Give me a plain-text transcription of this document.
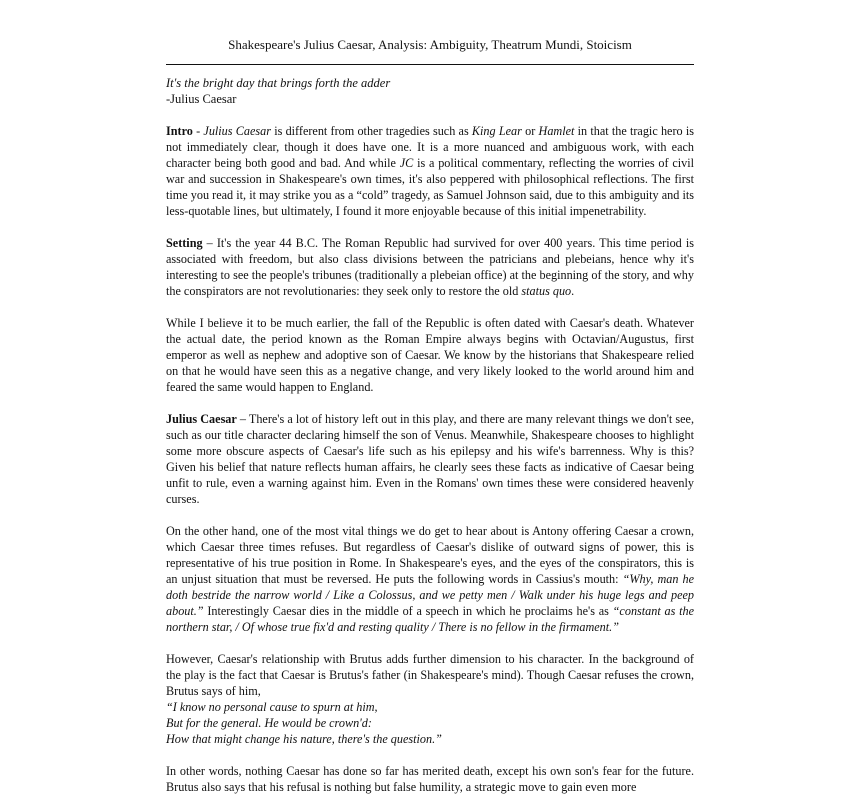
Shakespeare's Julius Caesar, Analysis: Ambiguity, Theatrum Mundi, Stoicism
It's the bright day that brings forth the adder
-Julius Caesar

Intro - Julius Caesar is different from other tragedies such as King Lear or Hamlet in that the tragic hero is not immediately clear, though it does have one. It is a more nuanced and ambiguous work, with each character being both good and bad. And while JC is a political commentary, reflecting the worries of civil war and succession in Shakespeare's own times, it's also peppered with philosophical reflections. The first time you read it, it may strike you as a “cold” tragedy, as Samuel Johnson said, due to this ambiguity and its less-quotable lines, but ultimately, I found it more enjoyable because of this initial impenetrability.

Setting – It's the year 44 B.C. The Roman Republic had survived for over 400 years. This time period is associated with freedom, but also class divisions between the patricians and plebeians, hence why it's interesting to see the people's tribunes (traditionally a plebeian office) at the beginning of the story, and why the conspirators are not revolutionaries: they seek only to restore the old status quo.

While I believe it to be much earlier, the fall of the Republic is often dated with Caesar's death. Whatever the actual date, the period known as the Roman Empire always begins with Octavian/Augustus, first emperor as well as nephew and adoptive son of Caesar. We know by the historians that Shakespeare relied on that he would have seen this as a negative change, and very likely looked to the world around him and feared the same would happen to England.

Julius Caesar – There's a lot of history left out in this play, and there are many relevant things we don't see, such as our title character declaring himself the son of Venus. Meanwhile, Shakespeare chooses to highlight some more obscure aspects of Caesar's life such as his epilepsy and his wife's barrenness. Why is this? Given his belief that nature reflects human affairs, he clearly sees these facts as indicative of Caesar being unfit to rule, even a warning against him. Even in the Romans' own times these were considered heavenly curses.

On the other hand, one of the most vital things we do get to hear about is Antony offering Caesar a crown, which Caesar three times refuses. But regardless of Caesar's dislike of outward signs of power, this is representative of his true position in Rome. In Shakespeare's eyes, and the eyes of the conspirators, this is an unjust situation that must be reversed. He puts the following words in Cassius's mouth: “Why, man he doth bestride the narrow world / Like a Colossus, and we petty men / Walk under his huge legs and peep about.” Interestingly Caesar dies in the middle of a speech in which he proclaims he's as “constant as the northern star, / Of whose true fix'd and resting quality / There is no fellow in the firmament.”

However, Caesar's relationship with Brutus adds further dimension to his character. In the background of the play is the fact that Caesar is Brutus's father (in Shakespeare's mind). Though Caesar refuses the crown, Brutus says of him,

“I know no personal cause to spurn at him,
But for the general. He would be crown'd:
How that might change his nature, there's the question.”

In other words, nothing Caesar has done so far has merited death, except his own son's fear for the future. Brutus also says that his refusal is nothing but false humility, a strategic move to gain even more
